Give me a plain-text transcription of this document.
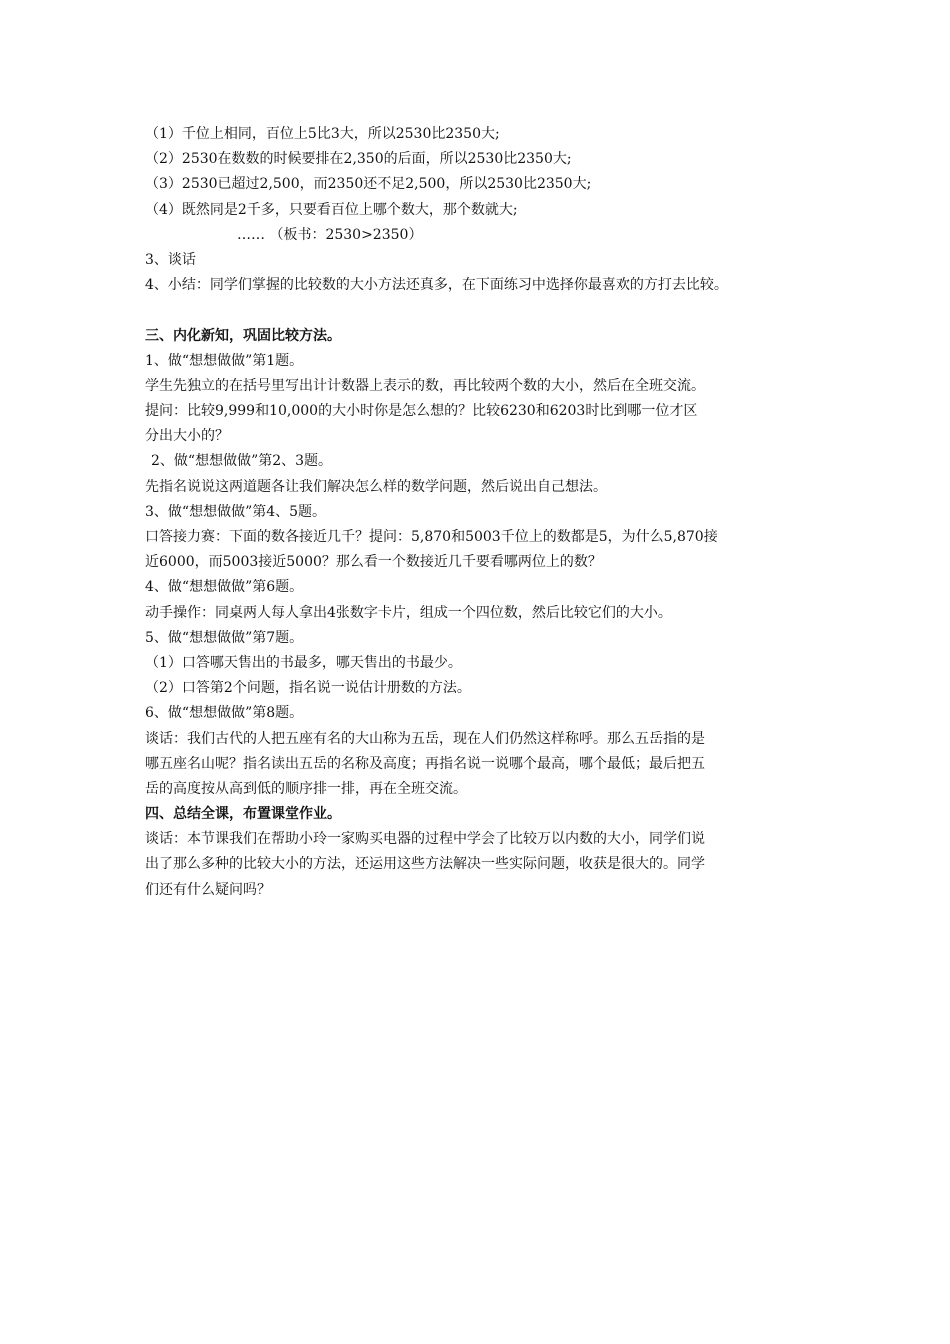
（1）千位上相同，百位上5比3大，所以2530比2350大;
（2）2530在数数的时候要排在2,350的后面，所以2530比2350大;
（3）2530已超过2,500，而2350还不足2,500，所以2530比2350大;
（4）既然同是2千多，只要看百位上哪个数大，那个数就大;
…… （板书：2530>2350）
3、谈话
4、小结：同学们掌握的比较数的大小方法还真多，在下面练习中选择你最喜欢的方打去比较。
三、内化新知，巩固比较方法。
1、做“想想做做”第1题。
学生先独立的在括号里写出计计数器上表示的数，再比较两个数的大小，然后在全班交流。
提问：比较9,999和10,000的大小时你是怎么想的？比较6230和6203时比到哪一位才区
分出大小的？
2、做“想想做做”第2、3题。
先指名说说这两道题各让我们解决怎么样的数学问题，然后说出自己想法。
3、做“想想做做”第4、5题。
口答接力赛：下面的数各接近几千？提问：5,870和5003千位上的数都是5，为什么5,870接
近6000，而5003接近5000？那么看一个数接近几千要看哪两位上的数？
4、做“想想做做”第6题。
动手操作：同桌两人每人拿出4张数字卡片，组成一个四位数，然后比较它们的大小。
5、做“想想做做”第7题。
（1）口答哪天售出的书最多，哪天售出的书最少。
（2）口答第2个问题，指名说一说估计册数的方法。
6、做“想想做做”第8题。
谈话：我们古代的人把五座有名的大山称为五岳，现在人们仍然这样称呼。那么五岳指的是
哪五座名山呢？指名读出五岳的名称及高度；再指名说一说哪个最高，哪个最低；最后把五
岳的高度按从高到低的顺序排一排，再在全班交流。
四、总结全课，布置课堂作业。
谈话：本节课我们在帮助小玲一家购买电器的过程中学会了比较万以内数的大小，同学们说
出了那么多种的比较大小的方法，还运用这些方法解决一些实际问题，收获是很大的。同学
们还有什么疑问吗？
